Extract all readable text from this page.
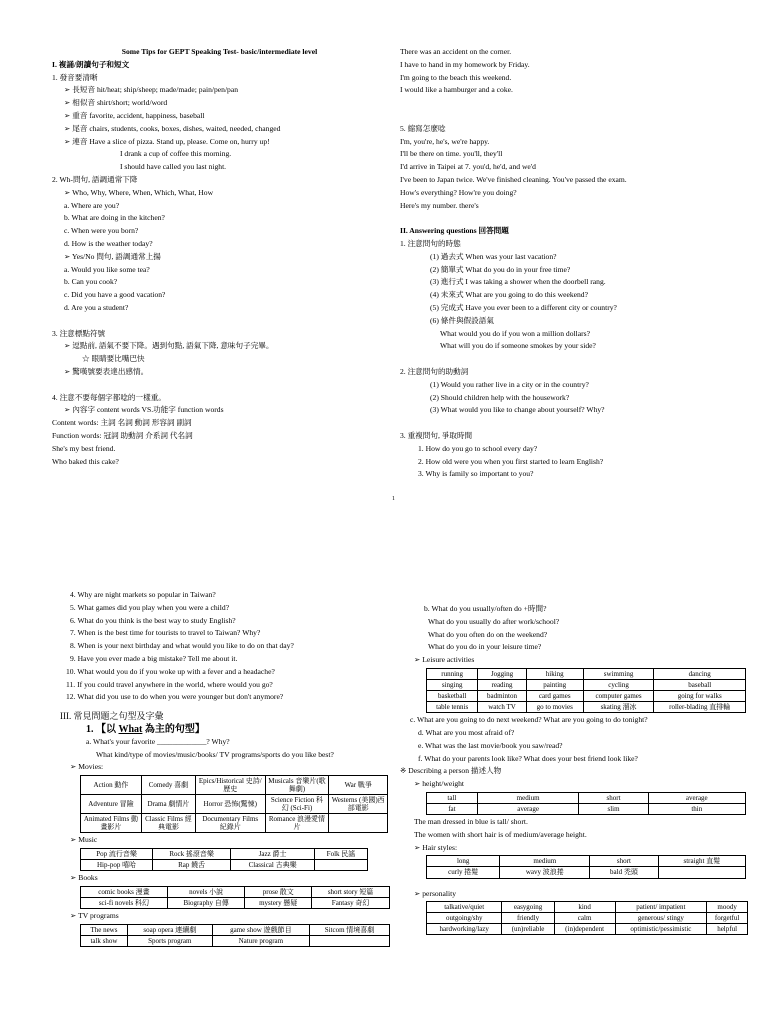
Some Tips for GEPT Speaking Test- basic/intermediate level
I. 複誦/朗讀句子和短文
1. 發音要清晰
➢ 長短音 hit/heat; ship/sheep; made/made; pain/pen/pan
➢ 相似音 shirt/short; world/word
➢ 重音 favorite, accident, happiness, baseball
➢ 尾音 chairs, students, cooks, boxes, dishes, waited, needed, changed
➢ 連音 Have a slice of pizza. Stand up, please. Come on, hurry up!
I drank a cup of coffee this morning.
I should have called you last night.
2. Wh-問句, 語調通常下降
➢ Who, Why, Where, When, Which, What, How
a. Where are you?
b. What are doing in the kitchen?
c. When were you born?
d. How is the weather today?
➢ Yes/No 問句, 語調通常上揚
a. Would you like some tea?
b. Can you cook?
c. Did you have a good vacation?
d. Are you a student?
3. 注意標點符號
➢ 逗點前, 語氣不要下降。遇到句點, 語氣下降, 意味句子完畢。
☆ 眼睛要比嘴巴快
➢ 驚嘆號要表達出感情。
4. 注意不要每個字都唸的一樣重。
➢ 內容字 content words VS.功能字 function words
Content words: 主詞 名詞 動詞 形容詞 副詞
Function words: 冠詞 助動詞 介系詞 代名詞
She's my best friend.
Who baked this cake?
There was an accident on the corner.
I have to hand in my homework by Friday.
I'm going to the beach this weekend.
I would like a hamburger and a coke.
5. 縮寫怎麼唸
I'm, you're, he's, we're happy.
I'll be there on time. you'll, they'll
I'd arrive in Taipei at 7. you'd, he'd, and we'd
I've been to Japan twice. We've finished cleaning. You've passed the exam.
How's everything? How're you doing?
Here's my number. there's
II. Answering questions 回答問題
1. 注意問句的時態
(1) 過去式 When was your last vacation?
(2) 簡單式 What do you do in your free time?
(3) 進行式 I was taking a shower when the doorbell rang.
(4) 未來式 What are you going to do this weekend?
(5) 完成式 Have you ever been to a different city or country?
(6) 條件與假設語氣
What would you do if you won a million dollars?
What will you do if someone smokes by your side?
2. 注意問句的助動詞
(1) Would you rather live in a city or in the country?
(2) Should children help with the housework?
(3) What would you like to change about yourself? Why?
3. 重複問句, 爭取時間
1. How do you go to school every day?
2. How old were you when you first started to learn English?
3. Why is family so important to you?
1
4. Why are night markets so popular in Taiwan?
5. What games did you play when you were a child?
6. What do you think is the best way to study English?
7. When is the best time for tourists to travel to Taiwan? Why?
8. When is your next birthday and what would you like to do on that day?
9. Have you ever made a big mistake? Tell me about it.
10. What would you do if you woke up with a fever and a headache?
11. If you could travel anywhere in the world, where would you go?
12. What did you use to do when you were younger but don't anymore?
III. 常見問題之句型及字彙
1. 【以 What 為主的句型】
a. What's your favorite _____________? Why?
What kind/type of movies/music/books/ TV programs/sports do you like best?
➢ Movies:
Action 動作	Comedy 喜劇	Epics/Historical 史詩/歷史	Musicals 音樂片(歌舞劇)	War 戰爭
Adventure 冒險	Drama 劇情片	Horror 恐怖(驚悚)	Science Fiction 科幻 (Sci-Fi)	Westerns (美國)西部電影
Animated Films 動畫影片	Classic Films 經典電影	Documentary Films 紀錄片	Romance 浪漫愛情片	
➢ Music
Pop 流行音樂	Rock 搖滾音樂	Jazz 爵士	Folk 民謠
Hip-pop 嘻哈	Rap 饒舌	Classical 古典樂	
➢ Books
comic books 漫畫	novels 小說	prose 散文	short story 短篇
sci-fi novels 科幻	Biography 自傳	mystery 懸疑	Fantasy 奇幻
➢ TV programs
The news	soap opera 連續劇	game show 遊戲節目	Sitcom 情境喜劇
talk show	Sports program	Nature program	
b. What do you usually/often do +時間?
What do you usually do after work/school?
What do you often do on the weekend?
What do you do in your leisure time?
➢ Leisure activities
running	Jogging	hiking	swimming	dancing
singing	reading	painting	cycling	baseball
basketball	badminton	card games	computer games	going for walks
table tennis	watch TV	go to movies	skating 溜冰	roller-blading 直排輪
c. What are you going to do next weekend? What are you going to do tonight?
d. What are you most afraid of?
e. What was the last movie/book you saw/read?
f. What do your parents look like? What does your best friend look like?
※ Describing a person 描述人物
➢ height/weight
tall	medium	short	average
fat	average	slim	thin
The man dressed in blue is tall/ short.
The women with short hair is of medium/average height.
➢ Hair styles:
long	medium	short	straight 直髮
curly 捲髮	wavy 波浪捲	bald 禿頭	
➢ personality
talkative/quiet	easygoing	kind	patient/ impatient	moody
outgoing/shy	friendly	calm	generous/ stingy	forgetful
hardworking/lazy	(un)reliable	(in)dependent	optimistic/pessimistic	helpful
